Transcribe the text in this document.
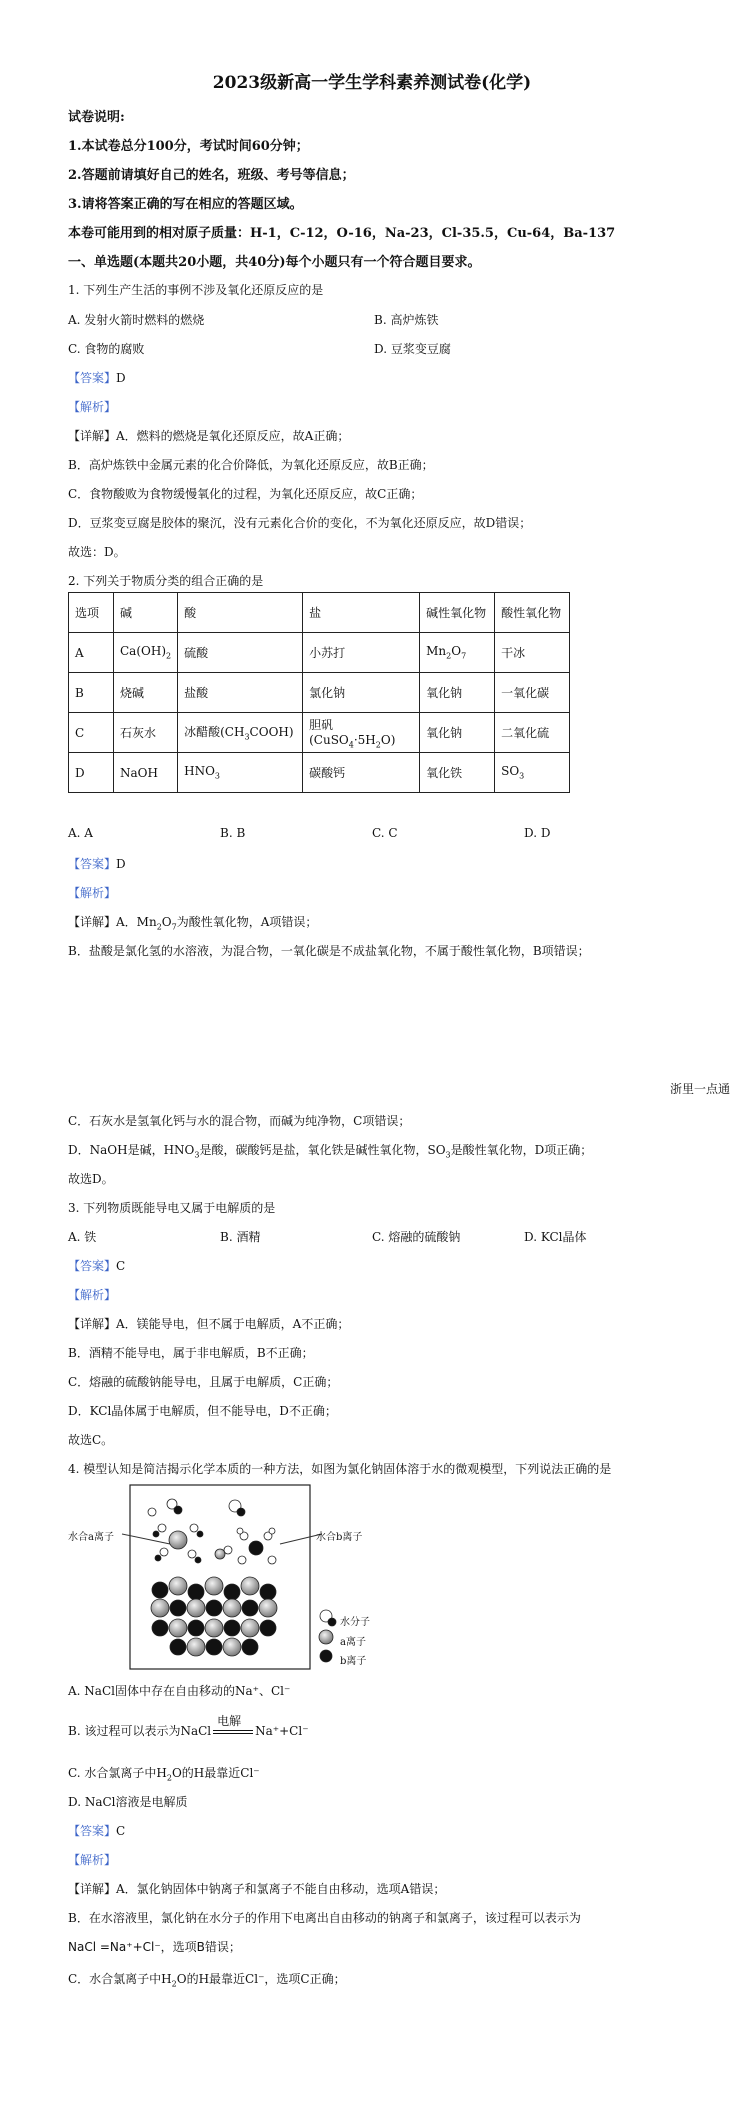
2023级新高一学生学科素养测试卷(化学)
试卷说明:
1.本试卷总分100分，考试时间60分钟；
2.答题前请填好自己的姓名，班级、考号等信息；
3.请将答案正确的写在相应的答题区域。
本卷可能用到的相对原子质量：H-1，C-12，O-16，Na-23，Cl-35.5，Cu-64，Ba-137
一、单选题(本题共20小题，共40分)每个小题只有一个符合题目要求。
1. 下列生产生活的事例不涉及氧化还原反应的是
A. 发射火箭时燃料的燃烧	B. 高炉炼铁
C. 食物的腐败	D. 豆浆变豆腐
【答案】D
【解析】
【详解】A．燃料的燃烧是氧化还原反应，故A正确；
B．高炉炼铁中金属元素的化合价降低，为氧化还原反应，故B正确；
C．食物酸败为食物缓慢氧化的过程，为氧化还原反应，故C正确；
D．豆浆变豆腐是胶体的聚沉，没有元素化合价的变化，不为氧化还原反应，故D错误；
故选：D。
2. 下列关于物质分类的组合正确的是
选项	碱	酸	盐	碱性氧化物	酸性氧化物
A	$Ca(OH)_2$	硫酸	小苏打	$Mn_2O_7$	干冰
B	烧碱	盐酸	氯化钠	氧化钠	一氧化碳
C	石灰水	冰醋酸$(CH_3COOH)$	胆矾$(CuSO_4\cdot 5H_2O)$	氧化钠	二氧化硫
D	NaOH	$HNO_3$	碳酸钙	氧化铁	$SO_3$
A. A	B. B	C. C	D. D
【答案】D
【解析】
【详解】A．$Mn_2O_7$为酸性氧化物，A项错误；
B．盐酸是氯化氢的水溶液，为混合物，一氧化碳是不成盐氧化物，不属于酸性氧化物，B项错误；
浙里一点通
C．石灰水是氢氧化钙与水的混合物，而碱为纯净物，C项错误；
D．NaOH是碱，$HNO_3$是酸，碳酸钙是盐，氧化铁是碱性氧化物，$SO_3$是酸性氧化物，D项正确；
故选D。
3. 下列物质既能导电又属于电解质的是
A. 铁	B. 酒精	C. 熔融的硫酸钠	D. KCl晶体
【答案】C
【解析】
【详解】A．镁能导电，但不属于电解质，A不正确；
B．酒精不能导电，属于非电解质，B不正确；
C．熔融的硫酸钠能导电，且属于电解质，C正确；
D．KCl晶体属于电解质，但不能导电，D不正确；
故选C。
4. 模型认知是简洁揭示化学本质的一种方法，如图为氯化钠固体溶于水的微观模型，下列说法正确的是
水合a离子	水合b离子
水分子
a离子
b离子
A. NaCl固体中存在自由移动的Na⁺、Cl⁻
B. 该过程可以表示为NaCl
电解
Na⁺+Cl⁻
C. 水合氯离子中$H_2O$的H最靠近Cl⁻
D. NaCl溶液是电解质
【答案】C
【解析】
【详解】A．氯化钠固体中钠离子和氯离子不能自由移动，选项A错误；
B．在水溶液里，氯化钠在水分子的作用下电离出自由移动的钠离子和氯离子，该过程可以表示为
NaCl =Na⁺+Cl⁻，选项B错误；
C．水合氯离子中$H_2O$的H最靠近Cl⁻，选项C正确；
